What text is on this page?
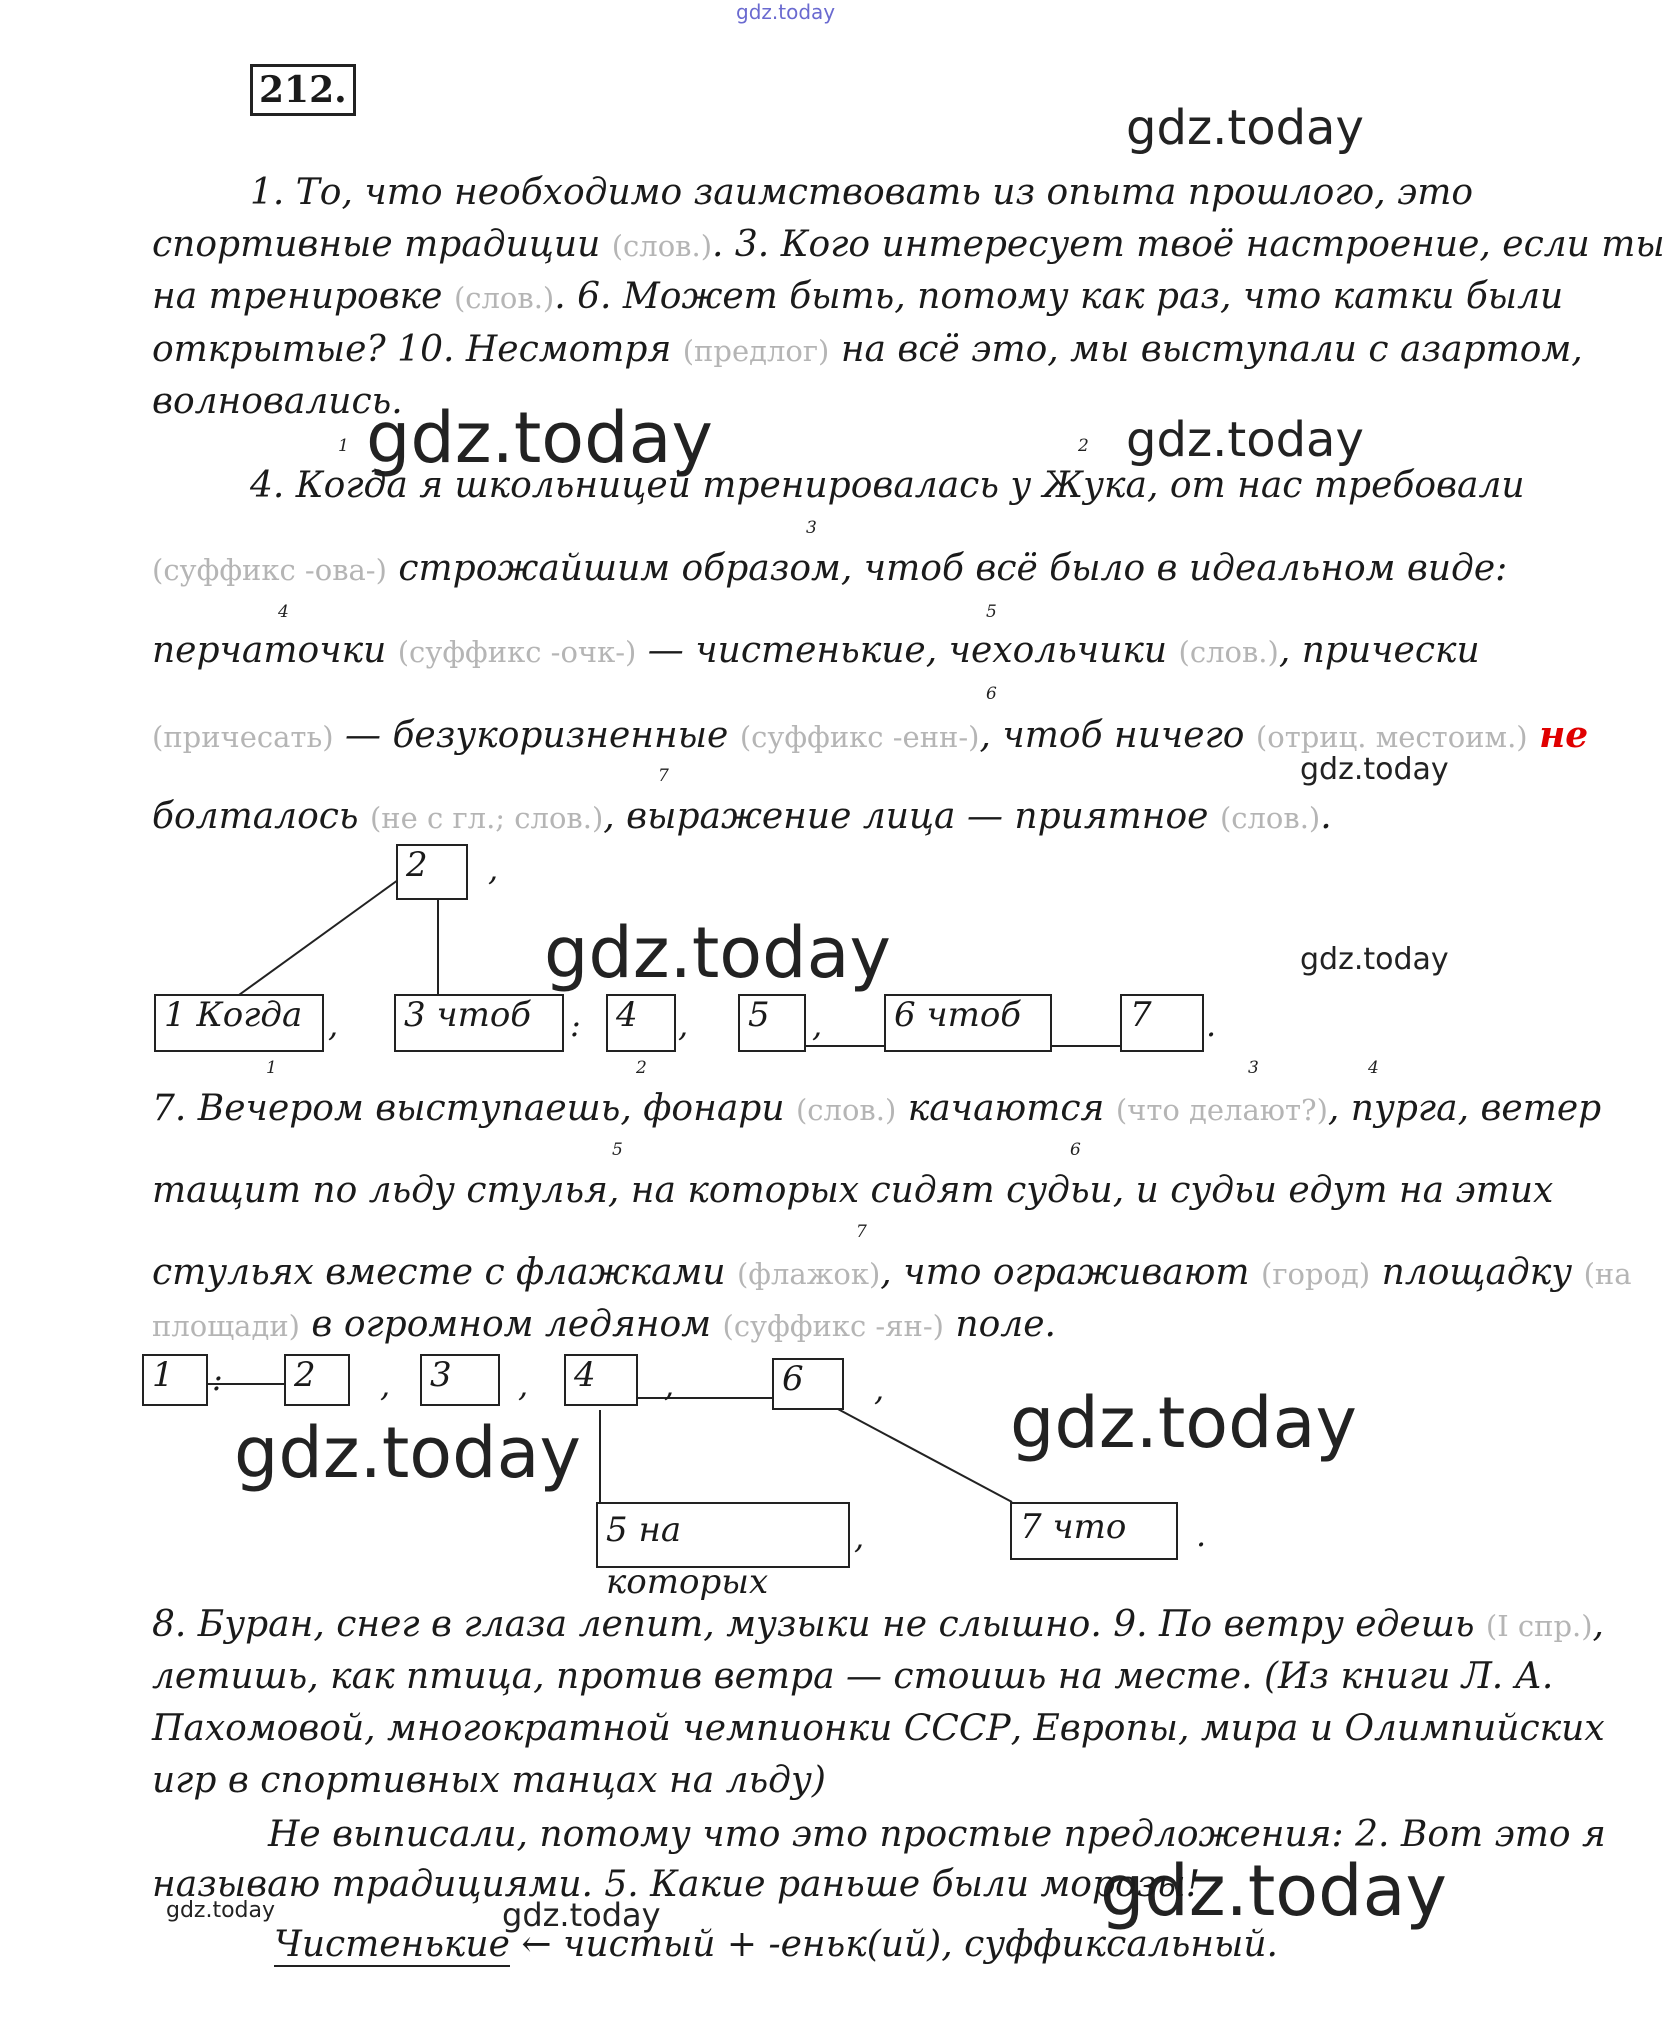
gdz.today
gdz.today
gdz.today	gdz.today
gdz.today
gdz.today	gdz.today
gdz.today	gdz.today
gdz.today
gdz.today	gdz.today
212.
1. То, что необходимо заимствовать из опыта прошлого, это
спортивные традиции (слов.). 3. Кого интересует твоё настроение, если ты
на тренировке (слов.). 6. Может быть, потому как раз, что катки были
открытые? 10. Несмотря (предлог) на всё это, мы выступали с азартом,
волновались.
1	2
4. Когда я школьницей тренировалась у Жука, от нас требовали
3
(суффикс -ова-) строжайшим образом, чтоб всё было в идеальном виде:
4	5
перчаточки (суффикс -очк-) — чистенькие, чехольчики (слов.), прически
6
(причесать) — безукоризненные (суффикс -енн-), чтоб ничего (отриц. местоим.) не
7
болталось (не с гл.; слов.), выражение лица — приятное (слов.).
2	,
1 Когда , 3 чтоб	: 4	, 5	, 6 чтоб	7	.
1	2	3	4
7. Вечером выступаешь, фонари (слов.) качаются (что делают?), пурга, ветер
5	6
тащит по льду стулья, на которых сидят судьи, и судьи едут на этих
7
стульях вместе с флажками (флажок), что ограживают (город) площадку (на
площади) в огромном ледяном (суффикс -ян-) поле.
1	: 2	, 3	, 4	,	6	,
5 на которых
,	7 что	.
8. Буран, снег в глаза лепит, музыки не слышно. 9. По ветру едешь (I спр.),
летишь, как птица, против ветра — стоишь на месте. (Из книги Л. А.
Пахомовой, многократной чемпионки СССР, Европы, мира и Олимпийских
игр в спортивных танцах на льду)
Не выписали, потому что это простые предложения: 2. Вот это я
называю традициями. 5. Какие раньше были морозы!
Чистенькие ← чистый + -еньк(ий), суффиксальный.
